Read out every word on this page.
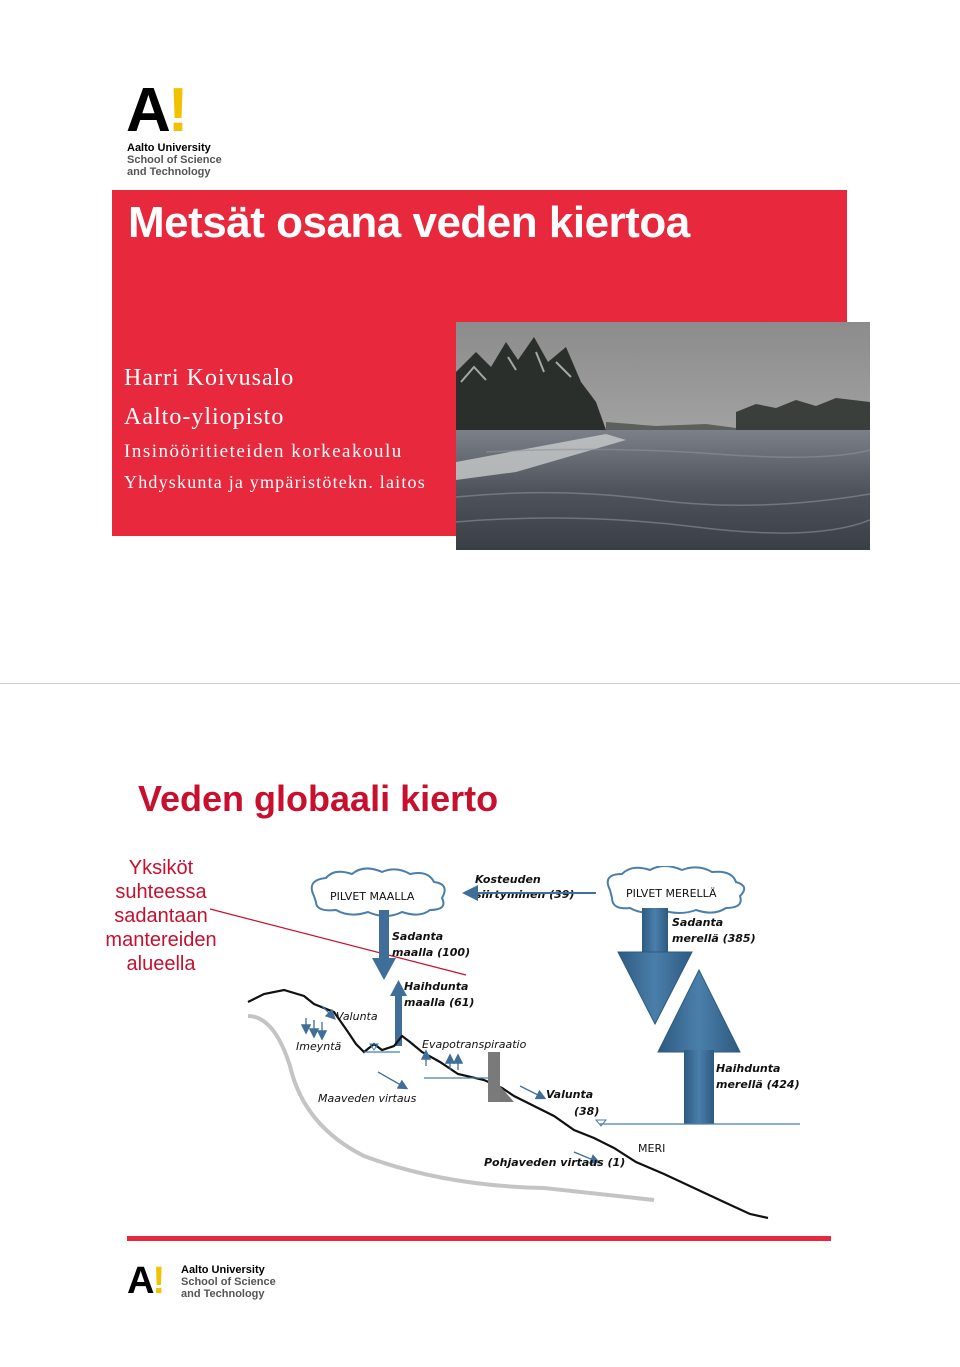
A!
Aalto University
School of Science
and Technology
Metsät osana veden kiertoa
Harri Koivusalo
Aalto-yliopisto
Insinööritieteiden korkeakoulu
Yhdyskunta ja ympäristötekn. laitos
Veden globaali kierto
Yksiköt
suhteessa
sadantaan
mantereiden
alueella
PILVET MAALLA	PILVET MERELLÄ
Kosteuden
siirtyminen (39)
Sadanta
maalla (100)
Haihdunta
maalla (61)
Sadanta
merellä (385)
Haihdunta
merellä (424)
Imeyntä
Valunta
Evapotranspiraatio
Maaveden virtaus	Valunta
(38)
MERI
Pohjaveden virtaus (1)
A! Aalto University
School of Science
and Technology
